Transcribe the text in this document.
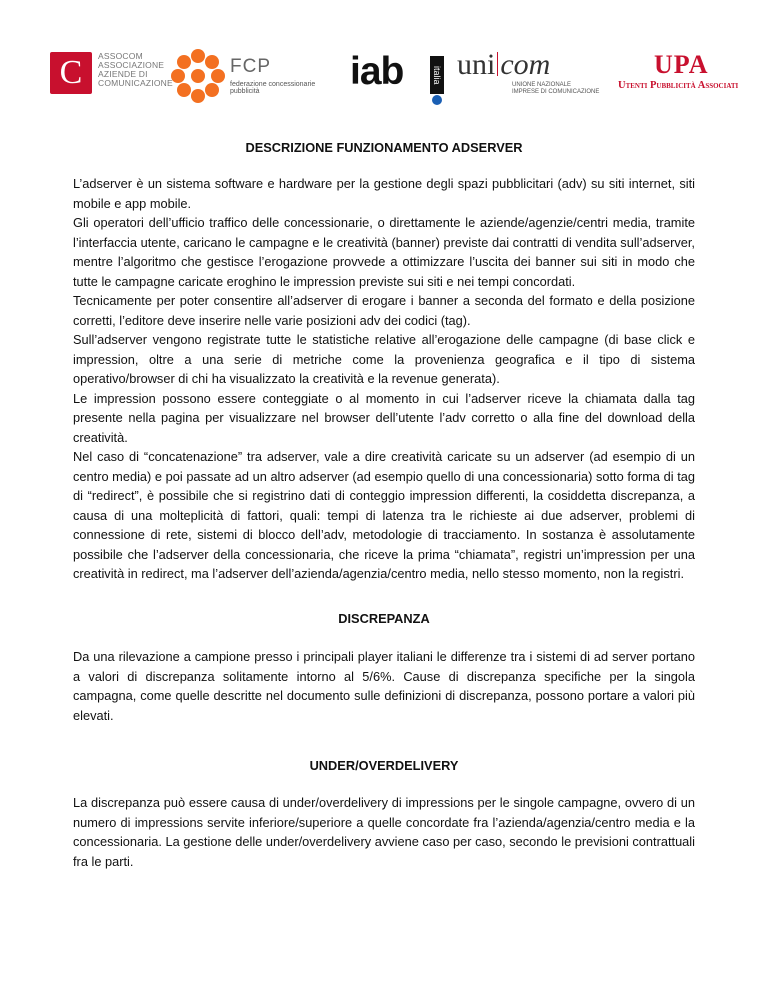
C	ASSOCOM
ASSOCIAZIONE
AZIENDE DI
COMUNICAZIONE
FCP
federazione concessionarie pubblicità	iab	italia uni com
UNIONE NAZIONALE
IMPRESE DI COMUNICAZIONE
UPA
Utenti Pubblicità Associati
DESCRIZIONE FUNZIONAMENTO ADSERVER

L’adserver è un sistema software e hardware per la gestione degli spazi pubblicitari (adv) su siti internet, siti mobile e app mobile.

Gli operatori dell’ufficio traffico delle concessionarie, o direttamente le aziende/agenzie/centri media, tramite l’interfaccia utente, caricano le campagne e le creatività (banner) previste dai contratti di vendita sull’adserver, mentre l’algoritmo che gestisce l’erogazione provvede a ottimizzare l’uscita dei banner sui siti in modo che tutte le campagne caricate eroghino le impression previste sui siti e nei tempi concordati.

Tecnicamente per poter consentire all’adserver di erogare i banner a seconda del formato e della posizione corretti, l’editore deve inserire nelle varie posizioni adv dei codici (tag).

Sull’adserver vengono registrate tutte le statistiche relative all’erogazione delle campagne (di base click e impression, oltre a una serie di metriche come la provenienza geografica e il tipo di sistema operativo/browser di chi ha visualizzato la creatività e la revenue generata).

Le impression possono essere conteggiate o al momento in cui l’adserver riceve la chiamata dalla tag presente nella pagina per visualizzare nel browser dell’utente l’adv corretto o alla fine del download della creatività.

Nel caso di “concatenazione” tra adserver, vale a dire creatività caricate su un adserver (ad esempio di un centro media) e poi passate ad un altro adserver (ad esempio quello di una concessionaria) sotto forma di tag di “redirect”, è possibile che si registrino dati di conteggio impression differenti, la cosiddetta discrepanza, a causa di una molteplicità di fattori, quali: tempi di latenza tra le richieste ai due adserver, problemi di connessione di rete, sistemi di blocco dell’adv, metodologie di tracciamento. In sostanza è assolutamente possibile che l’adserver della concessionaria, che riceve la prima “chiamata”, registri un’impression per una creatività in redirect, ma l’adserver dell’azienda/agenzia/centro media, nello stesso momento, non la registri.

DISCREPANZA

Da una rilevazione a campione presso i principali player italiani le differenze tra i sistemi di ad server portano a valori di discrepanza solitamente intorno al 5/6%. Cause di discrepanza specifiche per la singola campagna, come quelle descritte nel documento sulle definizioni di discrepanza, possono portare a valori più elevati.

UNDER/OVERDELIVERY

La discrepanza può essere causa di under/overdelivery di impressions per le singole campagne, ovvero di un numero di impressions servite inferiore/superiore a quelle concordate fra l’azienda/agenzia/centro media e la concessionaria. La gestione delle under/overdelivery avviene caso per caso, secondo le previsioni contrattuali fra le parti.
